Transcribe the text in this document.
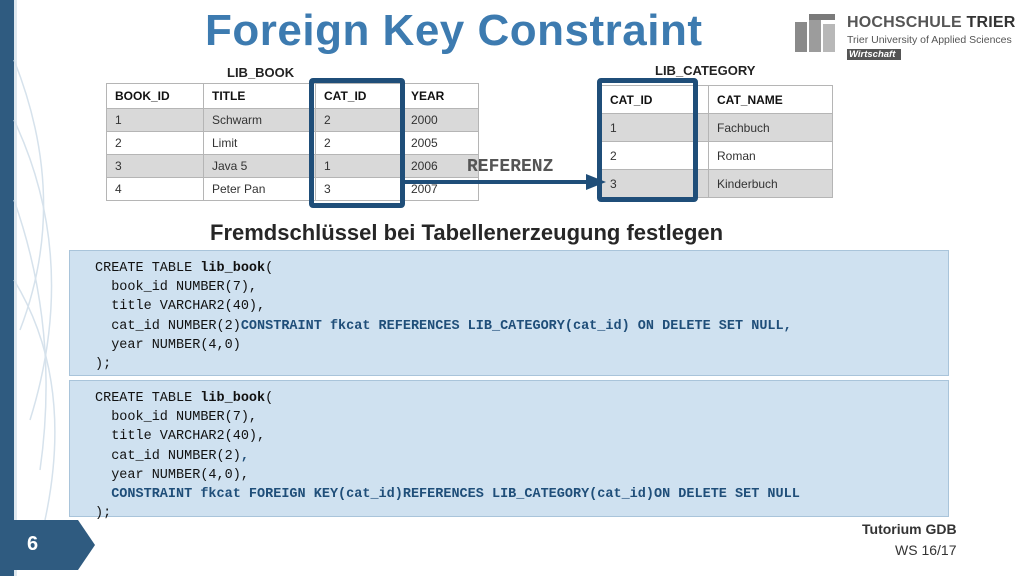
Foreign Key Constraint	HOCHSCHULE TRIER
Trier University of Applied Sciences
Wirtschaft
LIB_BOOK
BOOK_ID	TITLE	CAT_ID	YEAR
1	Schwarm	2	2000
2	Limit	2	2005
3	Java 5	1	2006
4	Peter Pan	3	2007
LIB_CATEGORY
CAT_ID	CAT_NAME
1	Fachbuch
2	Roman
3	Kinderbuch
REFERENZ
Fremdschlüssel bei Tabellenerzeugung festlegen
CREATE TABLE lib_book(
book_id NUMBER(7),
title VARCHAR2(40),
cat_id NUMBER(2)CONSTRAINT fkcat REFERENCES LIB_CATEGORY(cat_id) ON DELETE SET NULL,
year NUMBER(4,0)
);
CREATE TABLE lib_book(
book_id NUMBER(7),
title VARCHAR2(40),
cat_id NUMBER(2),
year NUMBER(4,0),
CONSTRAINT fkcat FOREIGN KEY(cat_id)REFERENCES LIB_CATEGORY(cat_id)ON DELETE SET NULL
);
6
Tutorium GDB
WS 16/17
